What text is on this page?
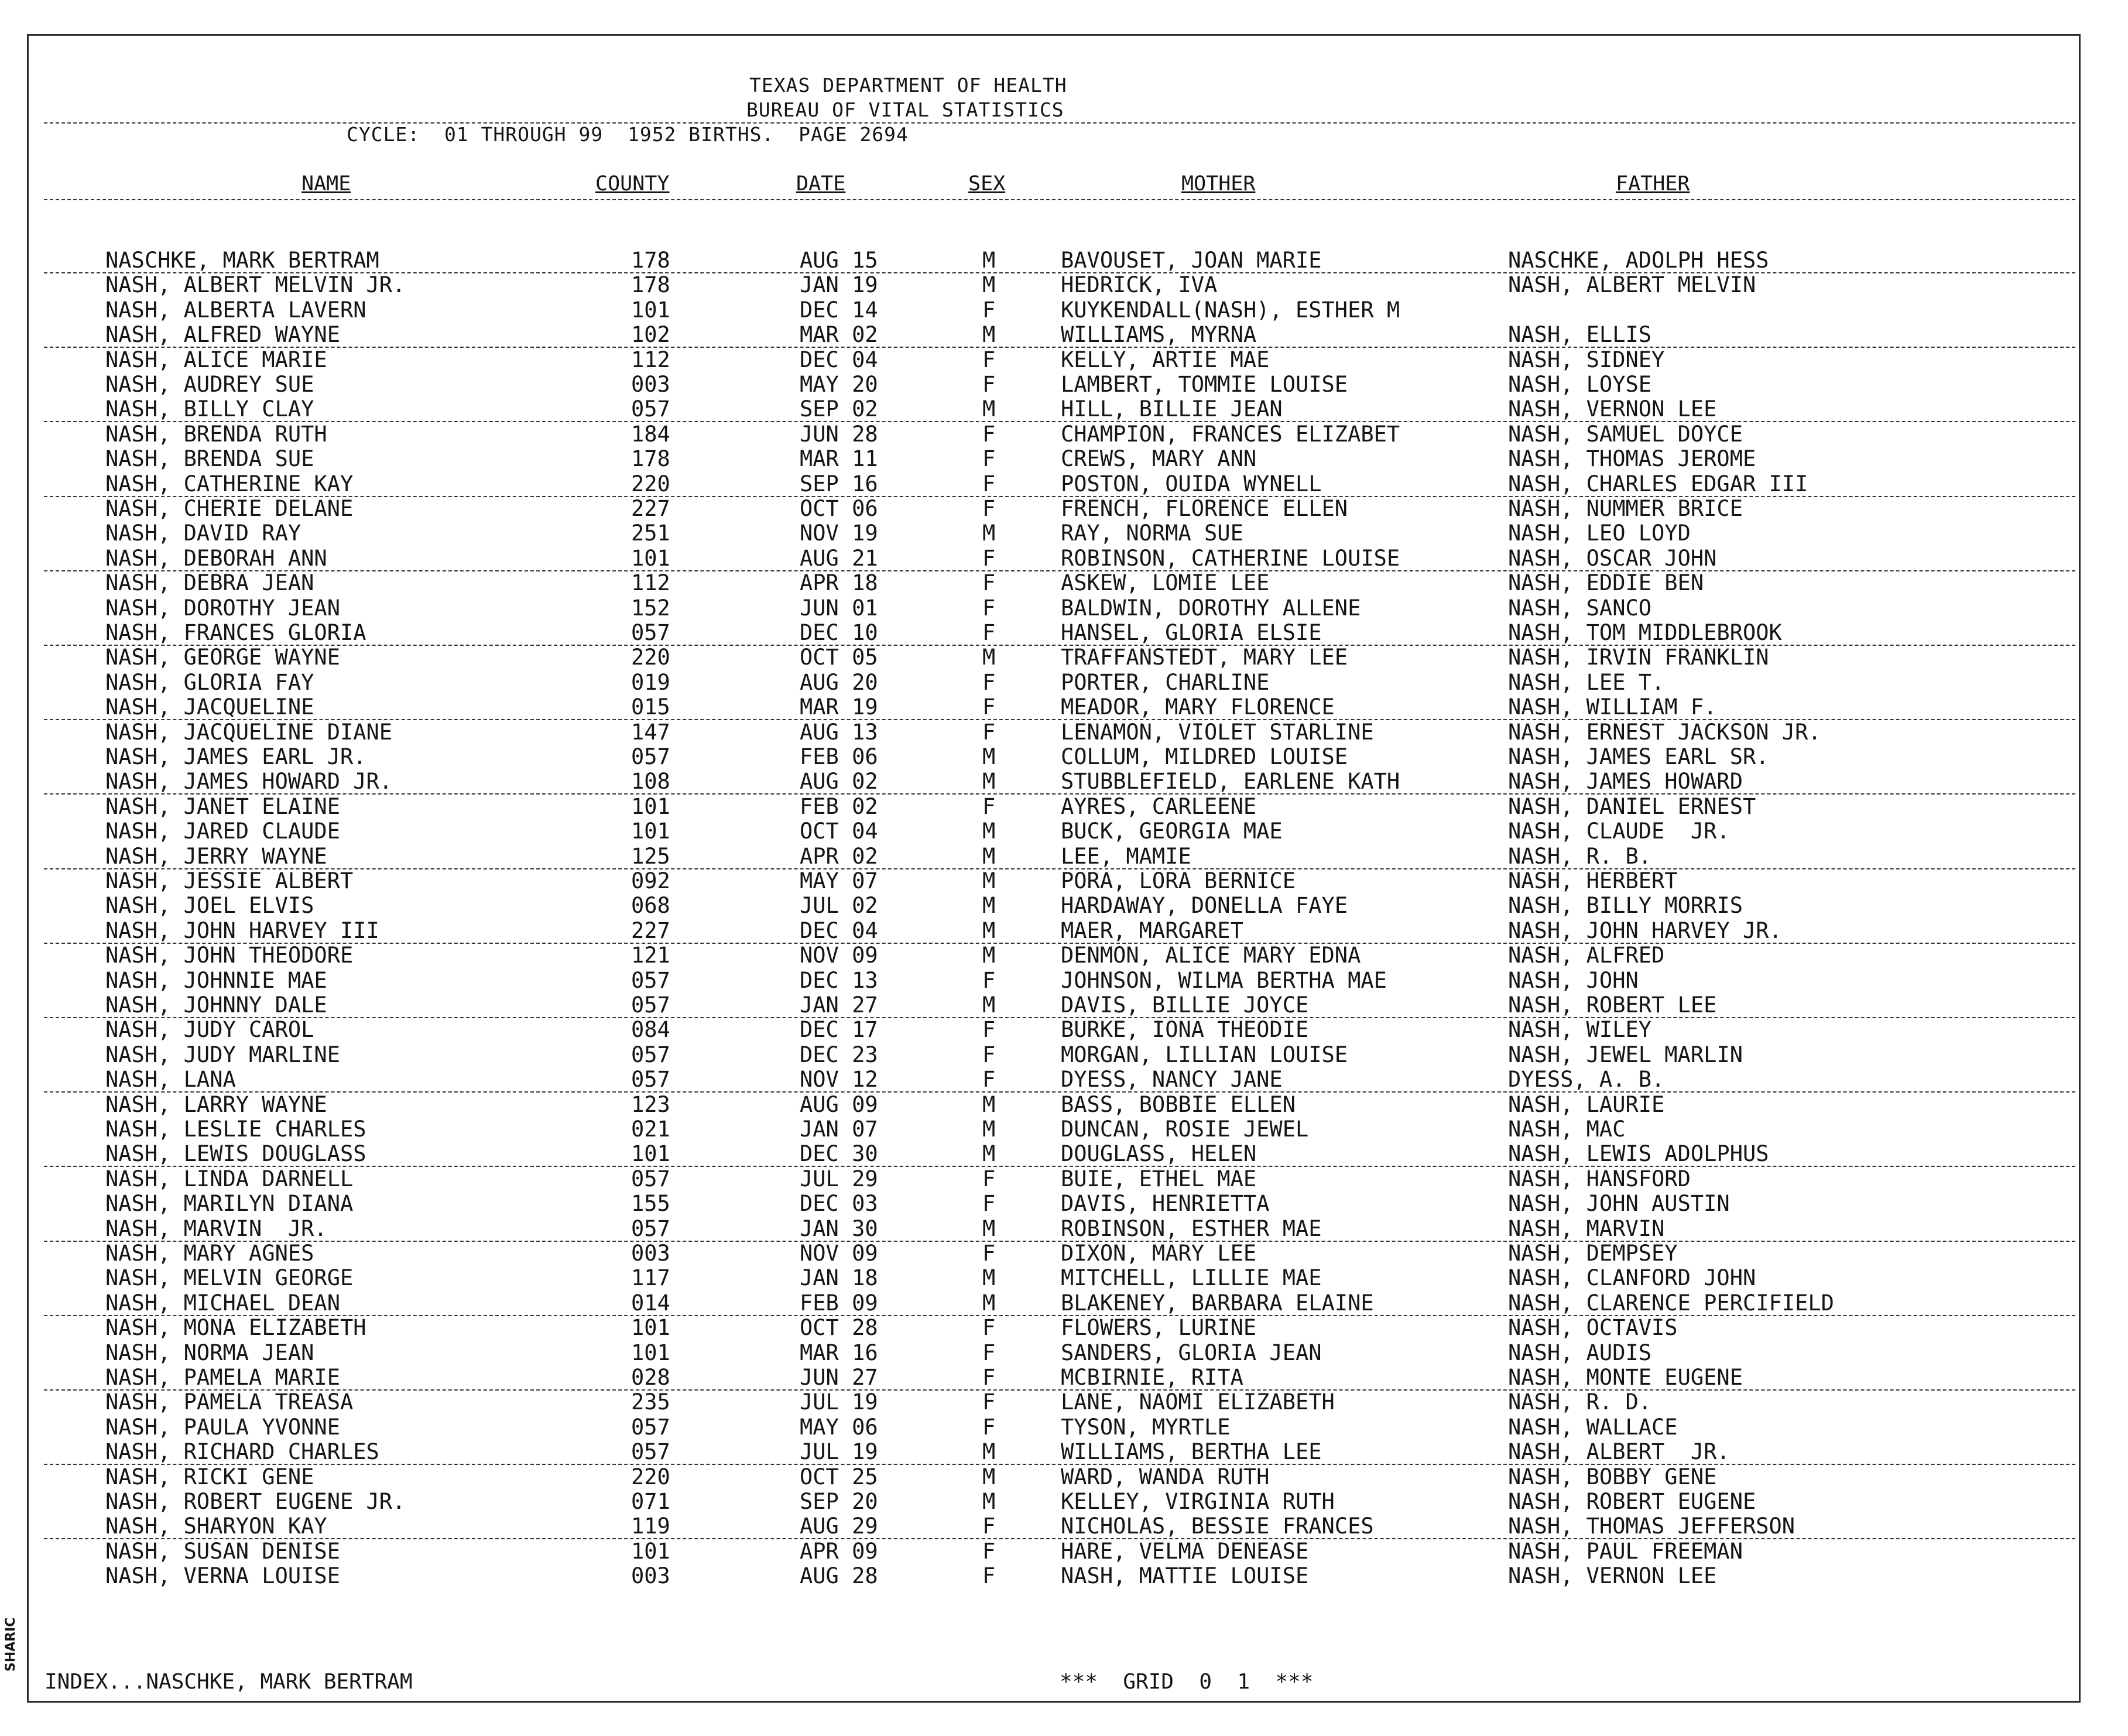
TEXAS DEPARTMENT OF HEALTH
BUREAU OF VITAL STATISTICS
CYCLE:  01 THROUGH 99  1952 BIRTHS.  PAGE 2694
NAME	COUNTY	DATE	SEX	MOTHER	FATHER
NASCHKE, MARK BERTRAM	178	AUG 15	M	BAVOUSET, JOAN MARIE	NASCHKE, ADOLPH HESS
NASH, ALBERT MELVIN JR.	178	JAN 19	M	HEDRICK, IVA	NASH, ALBERT MELVIN
NASH, ALBERTA LAVERN	101	DEC 14	F	KUYKENDALL(NASH), ESTHER M
NASH, ALFRED WAYNE	102	MAR 02	M	WILLIAMS, MYRNA	NASH, ELLIS
NASH, ALICE MARIE	112	DEC 04	F	KELLY, ARTIE MAE	NASH, SIDNEY
NASH, AUDREY SUE	003	MAY 20	F	LAMBERT, TOMMIE LOUISE	NASH, LOYSE
NASH, BILLY CLAY	057	SEP 02	M	HILL, BILLIE JEAN	NASH, VERNON LEE
NASH, BRENDA RUTH	184	JUN 28	F	CHAMPION, FRANCES ELIZABET	NASH, SAMUEL DOYCE
NASH, BRENDA SUE	178	MAR 11	F	CREWS, MARY ANN	NASH, THOMAS JEROME
NASH, CATHERINE KAY	220	SEP 16	F	POSTON, OUIDA WYNELL	NASH, CHARLES EDGAR III
NASH, CHERIE DELANE	227	OCT 06	F	FRENCH, FLORENCE ELLEN	NASH, NUMMER BRICE
NASH, DAVID RAY	251	NOV 19	M	RAY, NORMA SUE	NASH, LEO LOYD
NASH, DEBORAH ANN	101	AUG 21	F	ROBINSON, CATHERINE LOUISE	NASH, OSCAR JOHN
NASH, DEBRA JEAN	112	APR 18	F	ASKEW, LOMIE LEE	NASH, EDDIE BEN
NASH, DOROTHY JEAN	152	JUN 01	F	BALDWIN, DOROTHY ALLENE	NASH, SANCO
NASH, FRANCES GLORIA	057	DEC 10	F	HANSEL, GLORIA ELSIE	NASH, TOM MIDDLEBROOK
NASH, GEORGE WAYNE	220	OCT 05	M	TRAFFANSTEDT, MARY LEE	NASH, IRVIN FRANKLIN
NASH, GLORIA FAY	019	AUG 20	F	PORTER, CHARLINE	NASH, LEE T.
NASH, JACQUELINE	015	MAR 19	F	MEADOR, MARY FLORENCE	NASH, WILLIAM F.
NASH, JACQUELINE DIANE	147	AUG 13	F	LENAMON, VIOLET STARLINE	NASH, ERNEST JACKSON JR.
NASH, JAMES EARL JR.	057	FEB 06	M	COLLUM, MILDRED LOUISE	NASH, JAMES EARL SR.
NASH, JAMES HOWARD JR.	108	AUG 02	M	STUBBLEFIELD, EARLENE KATH	NASH, JAMES HOWARD
NASH, JANET ELAINE	101	FEB 02	F	AYRES, CARLEENE	NASH, DANIEL ERNEST
NASH, JARED CLAUDE	101	OCT 04	M	BUCK, GEORGIA MAE	NASH, CLAUDE  JR.
NASH, JERRY WAYNE	125	APR 02	M	LEE, MAMIE	NASH, R. B.
NASH, JESSIE ALBERT	092	MAY 07	M	PORA, LORA BERNICE	NASH, HERBERT
NASH, JOEL ELVIS	068	JUL 02	M	HARDAWAY, DONELLA FAYE	NASH, BILLY MORRIS
NASH, JOHN HARVEY III	227	DEC 04	M	MAER, MARGARET	NASH, JOHN HARVEY JR.
NASH, JOHN THEODORE	121	NOV 09	M	DENMON, ALICE MARY EDNA	NASH, ALFRED
NASH, JOHNNIE MAE	057	DEC 13	F	JOHNSON, WILMA BERTHA MAE	NASH, JOHN
NASH, JOHNNY DALE	057	JAN 27	M	DAVIS, BILLIE JOYCE	NASH, ROBERT LEE
NASH, JUDY CAROL	084	DEC 17	F	BURKE, IONA THEODIE	NASH, WILEY
NASH, JUDY MARLINE	057	DEC 23	F	MORGAN, LILLIAN LOUISE	NASH, JEWEL MARLIN
NASH, LANA	057	NOV 12	F	DYESS, NANCY JANE	DYESS, A. B.
NASH, LARRY WAYNE	123	AUG 09	M	BASS, BOBBIE ELLEN	NASH, LAURIE
NASH, LESLIE CHARLES	021	JAN 07	M	DUNCAN, ROSIE JEWEL	NASH, MAC
NASH, LEWIS DOUGLASS	101	DEC 30	M	DOUGLASS, HELEN	NASH, LEWIS ADOLPHUS
NASH, LINDA DARNELL	057	JUL 29	F	BUIE, ETHEL MAE	NASH, HANSFORD
NASH, MARILYN DIANA	155	DEC 03	F	DAVIS, HENRIETTA	NASH, JOHN AUSTIN
NASH, MARVIN  JR.	057	JAN 30	M	ROBINSON, ESTHER MAE	NASH, MARVIN
NASH, MARY AGNES	003	NOV 09	F	DIXON, MARY LEE	NASH, DEMPSEY
NASH, MELVIN GEORGE	117	JAN 18	M	MITCHELL, LILLIE MAE	NASH, CLANFORD JOHN
NASH, MICHAEL DEAN	014	FEB 09	M	BLAKENEY, BARBARA ELAINE	NASH, CLARENCE PERCIFIELD
NASH, MONA ELIZABETH	101	OCT 28	F	FLOWERS, LURINE	NASH, OCTAVIS
NASH, NORMA JEAN	101	MAR 16	F	SANDERS, GLORIA JEAN	NASH, AUDIS
NASH, PAMELA MARIE	028	JUN 27	F	MCBIRNIE, RITA	NASH, MONTE EUGENE
NASH, PAMELA TREASA	235	JUL 19	F	LANE, NAOMI ELIZABETH	NASH, R. D.
NASH, PAULA YVONNE	057	MAY 06	F	TYSON, MYRTLE	NASH, WALLACE
NASH, RICHARD CHARLES	057	JUL 19	M	WILLIAMS, BERTHA LEE	NASH, ALBERT  JR.
NASH, RICKI GENE	220	OCT 25	M	WARD, WANDA RUTH	NASH, BOBBY GENE
NASH, ROBERT EUGENE JR.	071	SEP 20	M	KELLEY, VIRGINIA RUTH	NASH, ROBERT EUGENE
NASH, SHARYON KAY	119	AUG 29	F	NICHOLAS, BESSIE FRANCES	NASH, THOMAS JEFFERSON
NASH, SUSAN DENISE	101	APR 09	F	HARE, VELMA DENEASE	NASH, PAUL FREEMAN
NASH, VERNA LOUISE	003	AUG 28	F	NASH, MATTIE LOUISE	NASH, VERNON LEE
INDEX...NASCHKE, MARK BERTRAM	***  GRID  0  1  ***
SHARIC
